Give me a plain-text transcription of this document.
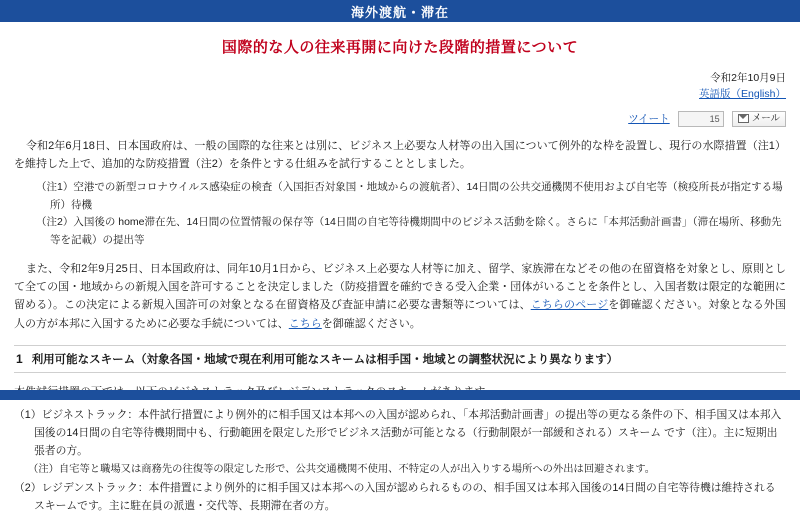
海外渡航・滞在
国際的な人の往来再開に向けた段階的措置について
令和2年10月9日
英語版（English）
ツイート	15	メール
令和2年6月18日、日本国政府は、一般の国際的な往来とは別に、ビジネス上必要な人材等の出入国について例外的な枠を設置し、現行の水際措置（注1）を維持した上で、追加的な防疫措置（注2）を条件とする仕組みを試行することとしました。
（注1）空港での新型コロナウイルス感染症の検査（入国拒否対象国・地域からの渡航者）、14日間の公共交通機関不使用および自宅等（検疫所長が指定する場所）待機
（注2）入国後の home滞在先、14日間の位置情報の保存等（14日間の自宅等待機期間中のビジネス活動を除く。さらに「本邦活動計画書」（滞在場所、移動先等を記載）の提出等
また、令和2年9月25日、日本国政府は、同年10月1日から、ビジネス上必要な人材等に加え、留学、家族滞在などその他の在留資格を対象とし、原則として全ての国・地域からの新規入国を許可することを決定しました（防疫措置を確約できる受入企業・団体がいることを条件とし、入国者数は限定的な範囲に留める）。この決定による新規入国許可の対象となる在留資格及び査証申請に必要な書類等については、こちらのページを御確認ください。対象となる外国人の方が本邦に入国するために必要な手続については、こちらを御確認ください。
1 利用可能なスキーム（対象各国・地域で現在利用可能なスキームは相手国・地域との調整状況により異なります）
（1）ビジネストラック：本件試行措置により例外的に相手国又は本邦への入国が認められ、「本邦活動計画書」の提出等の更なる条件の下、相手国又は本邦入国後の14日間の自宅等待機期間中も、行動範囲を限定した形でビジネス活動が可能となる（行動制限が一部緩和される）スキーム です（注）。主に短期出張者の方。
（注）自宅等と職場又は商務先の往復等の限定した形で、公共交通機関不使用、不特定の人が出入りする場所への外出は回避されます。
（2）レジデンストラック：本件措置により例外的に相手国又は本邦への入国が認められるものの、相手国又は本邦入国後の14日間の自宅等待機は維持されるスキームです。主に駐在員の派遣・交代等、長期滞在者の方。
